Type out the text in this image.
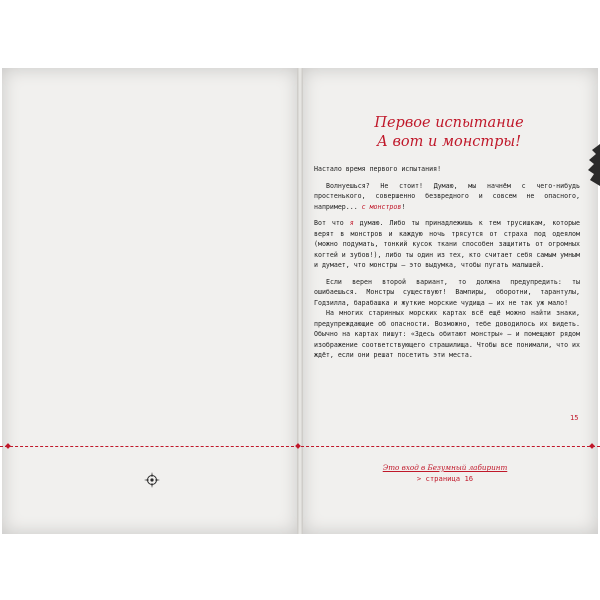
Первое испытание
А вот и монстры!

Настало время первого испытания!

Волнуешься? Не стоит! Думаю, мы начнём с чего-нибудь простенького, совершенно безвредного и совсем не опасного, например... с монстров!

Вот что я думаю. Либо ты принадлежишь к тем трусишкам, которые верят в монстров и каждую ночь трясутся от страха под одеялом (можно подумать, тонкий кусок ткани способен защитить от огромных когтей и зубов!), либо ты один из тех, кто считает себя самым умным и думает, что монстры — это выдумка, чтобы пугать малышей.

Если верен второй вариант, то должна предупредить: ты ошибаешься. Монстры существуют! Вампиры, оборотни, тарантулы, Годзилла, барабашка и жуткие морские чудища — их не так уж мало!

На многих старинных морских картах всё ещё можно найти знаки, предупреждающие об опасности. Возможно, тебе доводилось их видеть. Обычно на картах пишут: «Здесь обитают монстры» — и помещают рядом изображение соответствующего страшилища. Чтобы все понимали, что их ждёт, если они решат посетить эти места.

15
Это вход в Безумный лабиринт
> страница 16
